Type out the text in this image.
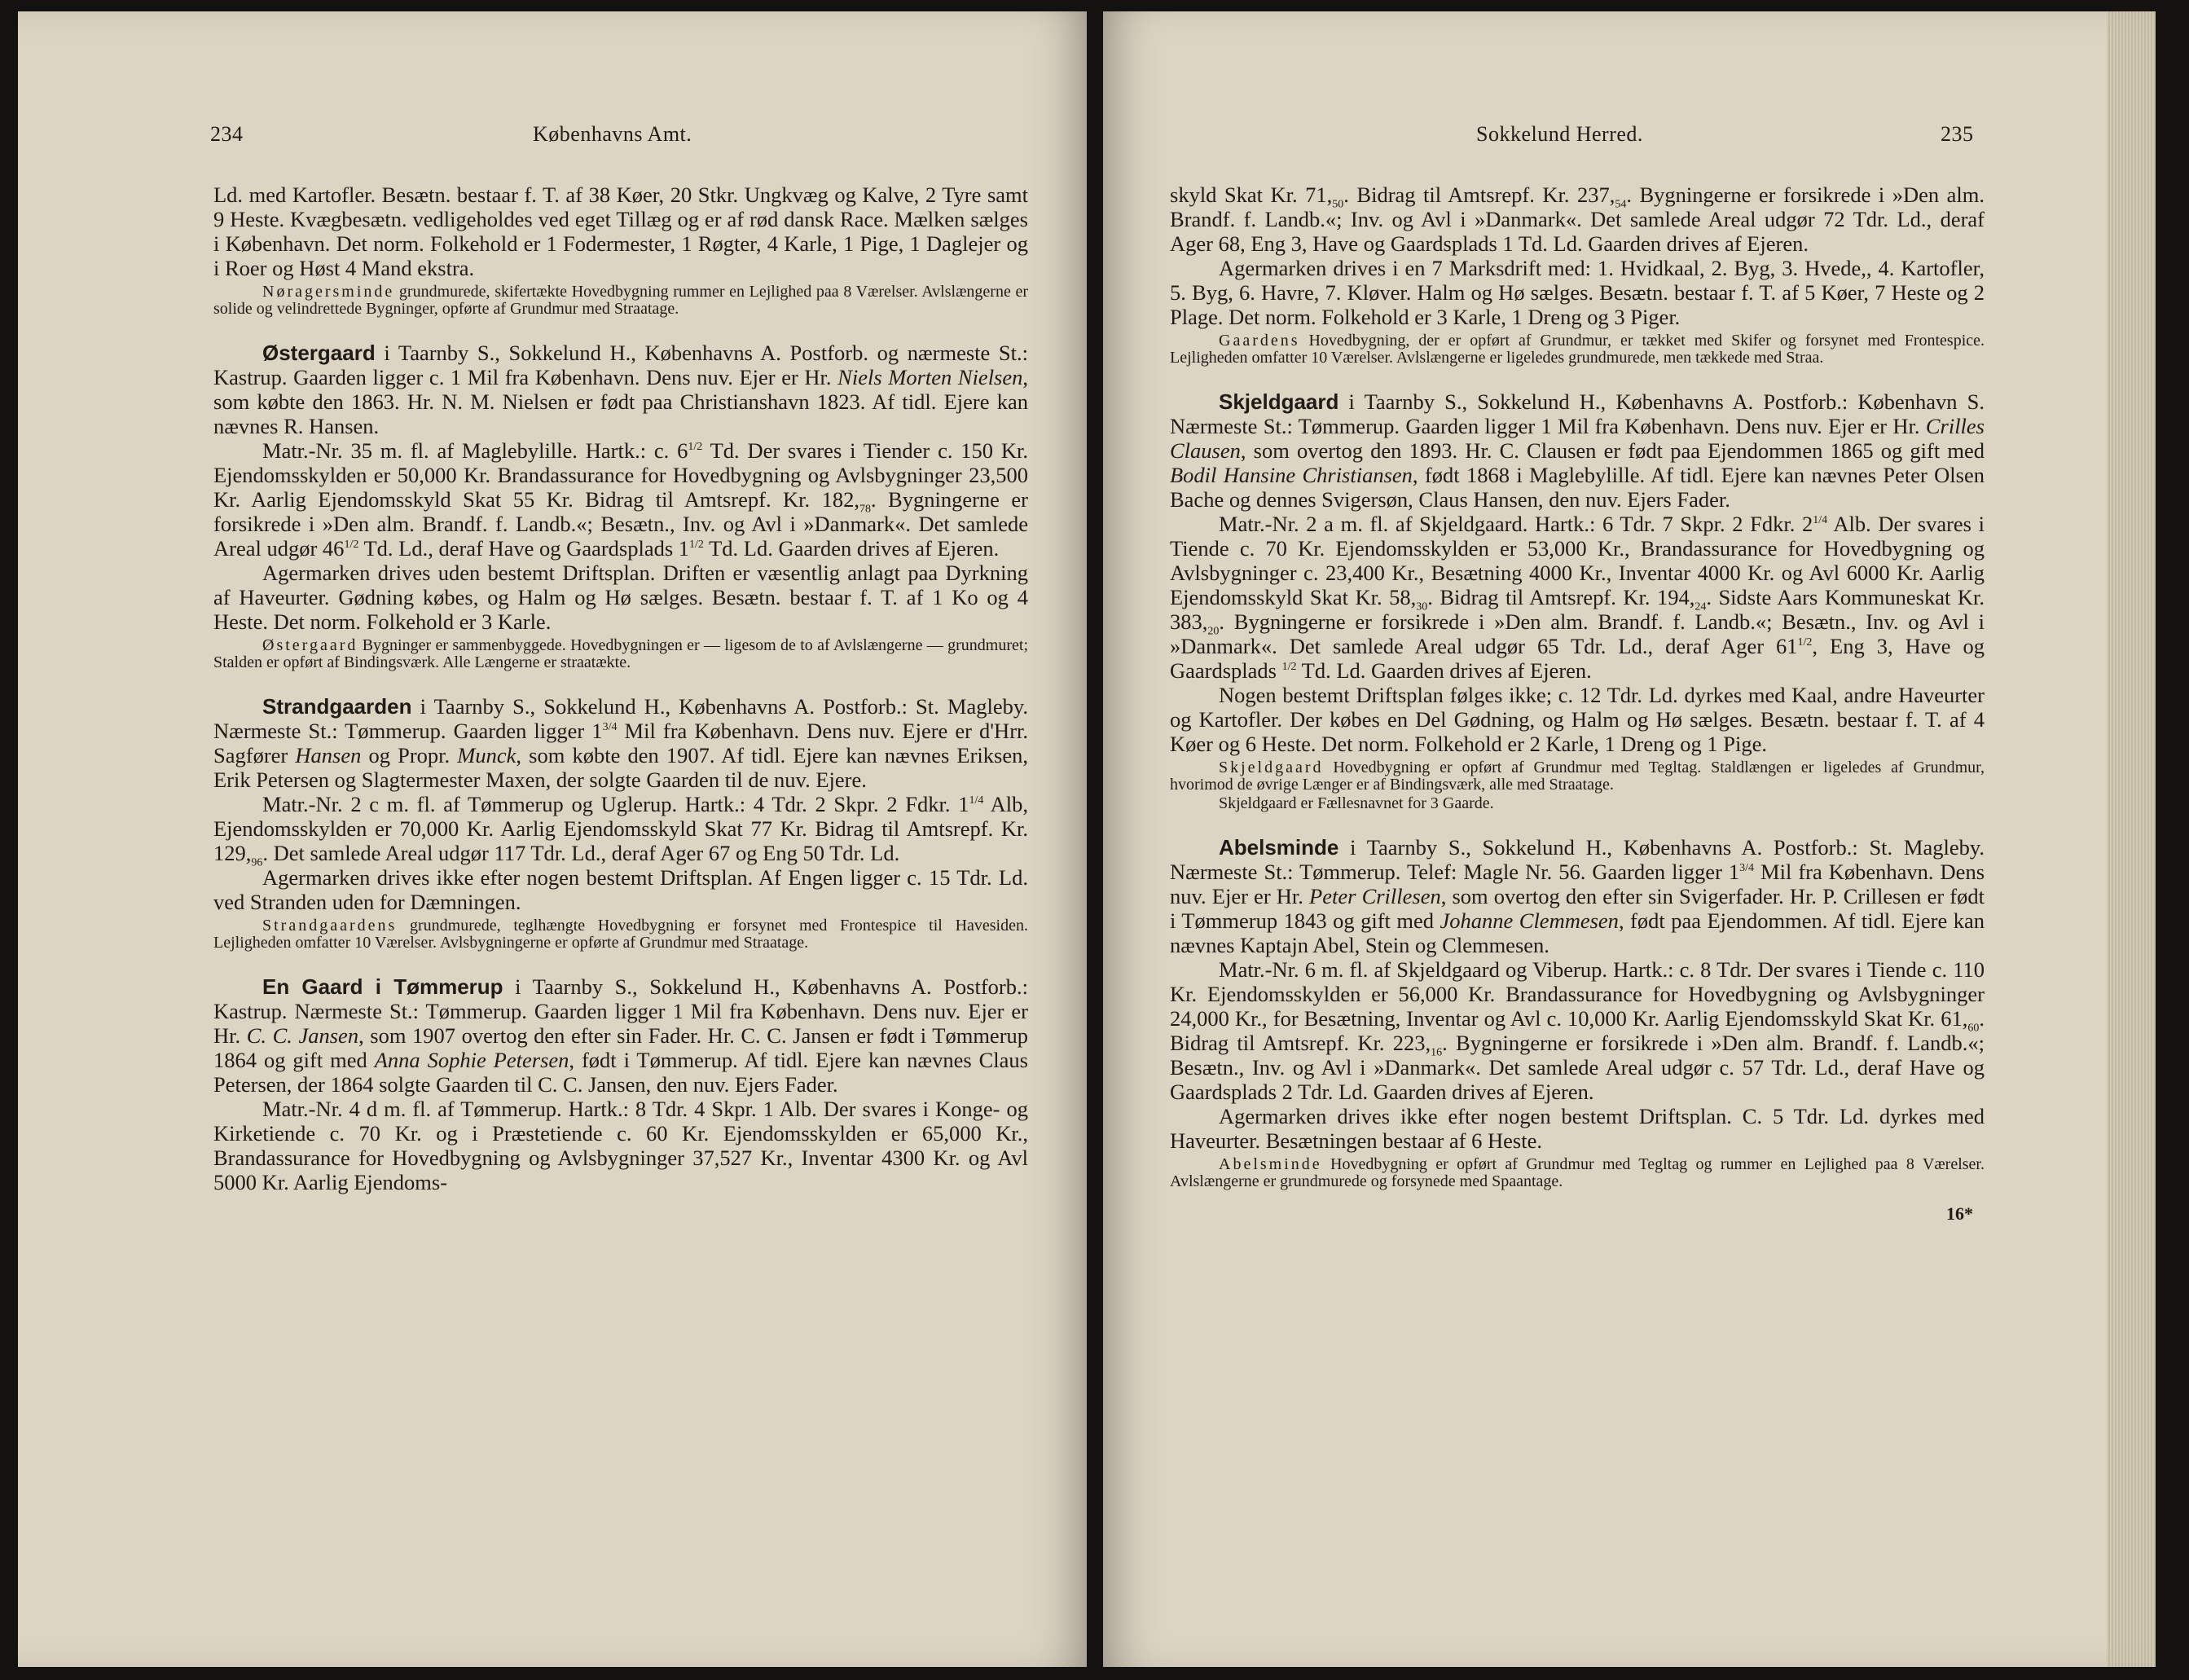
234	Københavns Amt.

Ld. med Kartofler. Besætn. bestaar f. T. af 38 Køer, 20 Stkr. Ungkvæg og Kalve, 2 Tyre samt 9 Heste. Kvægbesætn. vedligeholdes ved eget Tillæg og er af rød dansk Race. Mælken sælges i København. Det norm. Folkehold er 1 Fodermester, 1 Røgter, 4 Karle, 1 Pige, 1 Daglejer og i Roer og Høst 4 Mand ekstra.

Nøragersminde grundmurede, skifertækte Hovedbygning rummer en Lejlighed paa 8 Værelser. Avlslængerne er solide og velindrettede Bygninger, opførte af Grundmur med Straatage.

Østergaard i Taarnby S., Sokkelund H., Københavns A. Postforb. og nærmeste St.: Kastrup. Gaarden ligger c. 1 Mil fra København. Dens nuv. Ejer er Hr. Niels Morten Nielsen, som købte den 1863. Hr. N. M. Nielsen er født paa Christianshavn 1823. Af tidl. Ejere kan nævnes R. Hansen.

Matr.-Nr. 35 m. fl. af Maglebylille. Hartk.: c. $6^{1/2}$ Td. Der svares i Tiender c. 150 Kr. Ejendomsskylden er 50,000 Kr. Brandassurance for Hovedbygning og Avlsbygninger 23,500 Kr. Aarlig Ejendomsskyld Skat 55 Kr. Bidrag til Amtsrepf. Kr. $182,_{78}$. Bygningerne er forsikrede i »Den alm. Brandf. f. Landb.«; Besætn., Inv. og Avl i »Danmark«. Det samlede Areal udgør $46^{1/2}$ Td. Ld., deraf Have og Gaardsplads $1^{1/2}$ Td. Ld. Gaarden drives af Ejeren.

Agermarken drives uden bestemt Driftsplan. Driften er væsentlig anlagt paa Dyrkning af Haveurter. Gødning købes, og Halm og Hø sælges. Besætn. bestaar f. T. af 1 Ko og 4 Heste. Det norm. Folkehold er 3 Karle.

Østergaard Bygninger er sammenbyggede. Hovedbygningen er — ligesom de to af Avlslængerne — grundmuret; Stalden er opført af Bindingsværk. Alle Længerne er straatækte.

Strandgaarden i Taarnby S., Sokkelund H., Københavns A. Postforb.: St. Magleby. Nærmeste St.: Tømmerup. Gaarden ligger $1^{3/4}$ Mil fra København. Dens nuv. Ejere er d'Hrr. Sagfører Hansen og Propr. Munck, som købte den 1907. Af tidl. Ejere kan nævnes Eriksen, Erik Petersen og Slagtermester Maxen, der solgte Gaarden til de nuv. Ejere.

Matr.-Nr. 2 c m. fl. af Tømmerup og Uglerup. Hartk.: 4 Tdr. 2 Skpr. 2 Fdkr. $1^{1/4}$ Alb, Ejendomsskylden er 70,000 Kr. Aarlig Ejendomsskyld Skat 77 Kr. Bidrag til Amtsrepf. Kr. $129,_{96}$. Det samlede Areal udgør 117 Tdr. Ld., deraf Ager 67 og Eng 50 Tdr. Ld.

Agermarken drives ikke efter nogen bestemt Driftsplan. Af Engen ligger c. 15 Tdr. Ld. ved Stranden uden for Dæmningen.

Strandgaardens grundmurede, teglhængte Hovedbygning er forsynet med Frontespice til Havesiden. Lejligheden omfatter 10 Værelser. Avlsbygningerne er opførte af Grundmur med Straatage.

En Gaard i Tømmerup i Taarnby S., Sokkelund H., Københavns A. Postforb.: Kastrup. Nærmeste St.: Tømmerup. Gaarden ligger 1 Mil fra København. Dens nuv. Ejer er Hr. C. C. Jansen, som 1907 overtog den efter sin Fader. Hr. C. C. Jansen er født i Tømmerup 1864 og gift med Anna Sophie Petersen, født i Tømmerup. Af tidl. Ejere kan nævnes Claus Petersen, der 1864 solgte Gaarden til C. C. Jansen, den nuv. Ejers Fader.

Matr.-Nr. 4 d m. fl. af Tømmerup. Hartk.: 8 Tdr. 4 Skpr. 1 Alb. Der svares i Konge- og Kirketiende c. 70 Kr. og i Præstetiende c. 60 Kr. Ejendomsskylden er 65,000 Kr., Brandassurance for Hovedbygning og Avlsbygninger 37,527 Kr., Inventar 4300 Kr. og Avl 5000 Kr. Aarlig Ejendoms-

Sokkelund Herred.	235

skyld Skat Kr. $71,_{50}$. Bidrag til Amtsrepf. Kr. $237,_{54}$. Bygningerne er forsikrede i »Den alm. Brandf. f. Landb.«; Inv. og Avl i »Danmark«. Det samlede Areal udgør 72 Tdr. Ld., deraf Ager 68, Eng 3, Have og Gaardsplads 1 Td. Ld. Gaarden drives af Ejeren.

Agermarken drives i en 7 Marksdrift med: 1. Hvidkaal, 2. Byg, 3. Hvede,, 4. Kartofler, 5. Byg, 6. Havre, 7. Kløver. Halm og Hø sælges. Besætn. bestaar f. T. af 5 Køer, 7 Heste og 2 Plage. Det norm. Folkehold er 3 Karle, 1 Dreng og 3 Piger.

Gaardens Hovedbygning, der er opført af Grundmur, er tækket med Skifer og forsynet med Frontespice. Lejligheden omfatter 10 Værelser. Avlslængerne er ligeledes grundmurede, men tækkede med Straa.

Skjeldgaard i Taarnby S., Sokkelund H., Københavns A. Postforb.: København S. Nærmeste St.: Tømmerup. Gaarden ligger 1 Mil fra København. Dens nuv. Ejer er Hr. Crilles Clausen, som overtog den 1893. Hr. C. Clausen er født paa Ejendommen 1865 og gift med Bodil Hansine Christiansen, født 1868 i Maglebylille. Af tidl. Ejere kan nævnes Peter Olsen Bache og dennes Svigersøn, Claus Hansen, den nuv. Ejers Fader.

Matr.-Nr. 2 a m. fl. af Skjeldgaard. Hartk.: 6 Tdr. 7 Skpr. 2 Fdkr. $2^{1/4}$ Alb. Der svares i Tiende c. 70 Kr. Ejendomsskylden er 53,000 Kr., Brandassurance for Hovedbygning og Avlsbygninger c. 23,400 Kr., Besætning 4000 Kr., Inventar 4000 Kr. og Avl 6000 Kr. Aarlig Ejendomsskyld Skat Kr. $58,_{30}$. Bidrag til Amtsrepf. Kr. $194,_{24}$. Sidste Aars Kommuneskat Kr. $383,_{20}$. Bygningerne er forsikrede i »Den alm. Brandf. f. Landb.«; Besætn., Inv. og Avl i »Danmark«. Det samlede Areal udgør 65 Tdr. Ld., deraf Ager $61^{1/2}$, Eng 3, Have og Gaardsplads $^{1/2}$ Td. Ld. Gaarden drives af Ejeren.

Nogen bestemt Driftsplan følges ikke; c. 12 Tdr. Ld. dyrkes med Kaal, andre Haveurter og Kartofler. Der købes en Del Gødning, og Halm og Hø sælges. Besætn. bestaar f. T. af 4 Køer og 6 Heste. Det norm. Folkehold er 2 Karle, 1 Dreng og 1 Pige.

Skjeldgaard Hovedbygning er opført af Grundmur med Tegltag. Staldlængen er ligeledes af Grundmur, hvorimod de øvrige Længer er af Bindingsværk, alle med Straatage.

Skjeldgaard er Fællesnavnet for 3 Gaarde.

Abelsminde i Taarnby S., Sokkelund H., Københavns A. Postforb.: St. Magleby. Nærmeste St.: Tømmerup. Telef: Magle Nr. 56. Gaarden ligger $1^{3/4}$ Mil fra København. Dens nuv. Ejer er Hr. Peter Crillesen, som overtog den efter sin Svigerfader. Hr. P. Crillesen er født i Tømmerup 1843 og gift med Johanne Clemmesen, født paa Ejendommen. Af tidl. Ejere kan nævnes Kaptajn Abel, Stein og Clemmesen.

Matr.-Nr. 6 m. fl. af Skjeldgaard og Viberup. Hartk.: c. 8 Tdr. Der svares i Tiende c. 110 Kr. Ejendomsskylden er 56,000 Kr. Brandassurance for Hovedbygning og Avlsbygninger 24,000 Kr., for Besætning, Inventar og Avl c. 10,000 Kr. Aarlig Ejendomsskyld Skat Kr. $61,_{60}$. Bidrag til Amtsrepf. Kr. $223,_{16}$. Bygningerne er forsikrede i »Den alm. Brandf. f. Landb.«; Besætn., Inv. og Avl i »Danmark«. Det samlede Areal udgør c. 57 Tdr. Ld., deraf Have og Gaardsplads 2 Tdr. Ld. Gaarden drives af Ejeren.

Agermarken drives ikke efter nogen bestemt Driftsplan. C. 5 Tdr. Ld. dyrkes med Haveurter. Besætningen bestaar af 6 Heste.

Abelsminde Hovedbygning er opført af Grundmur med Tegltag og rummer en Lejlighed paa 8 Værelser. Avlslængerne er grundmurede og forsynede med Spaantage.

16*
